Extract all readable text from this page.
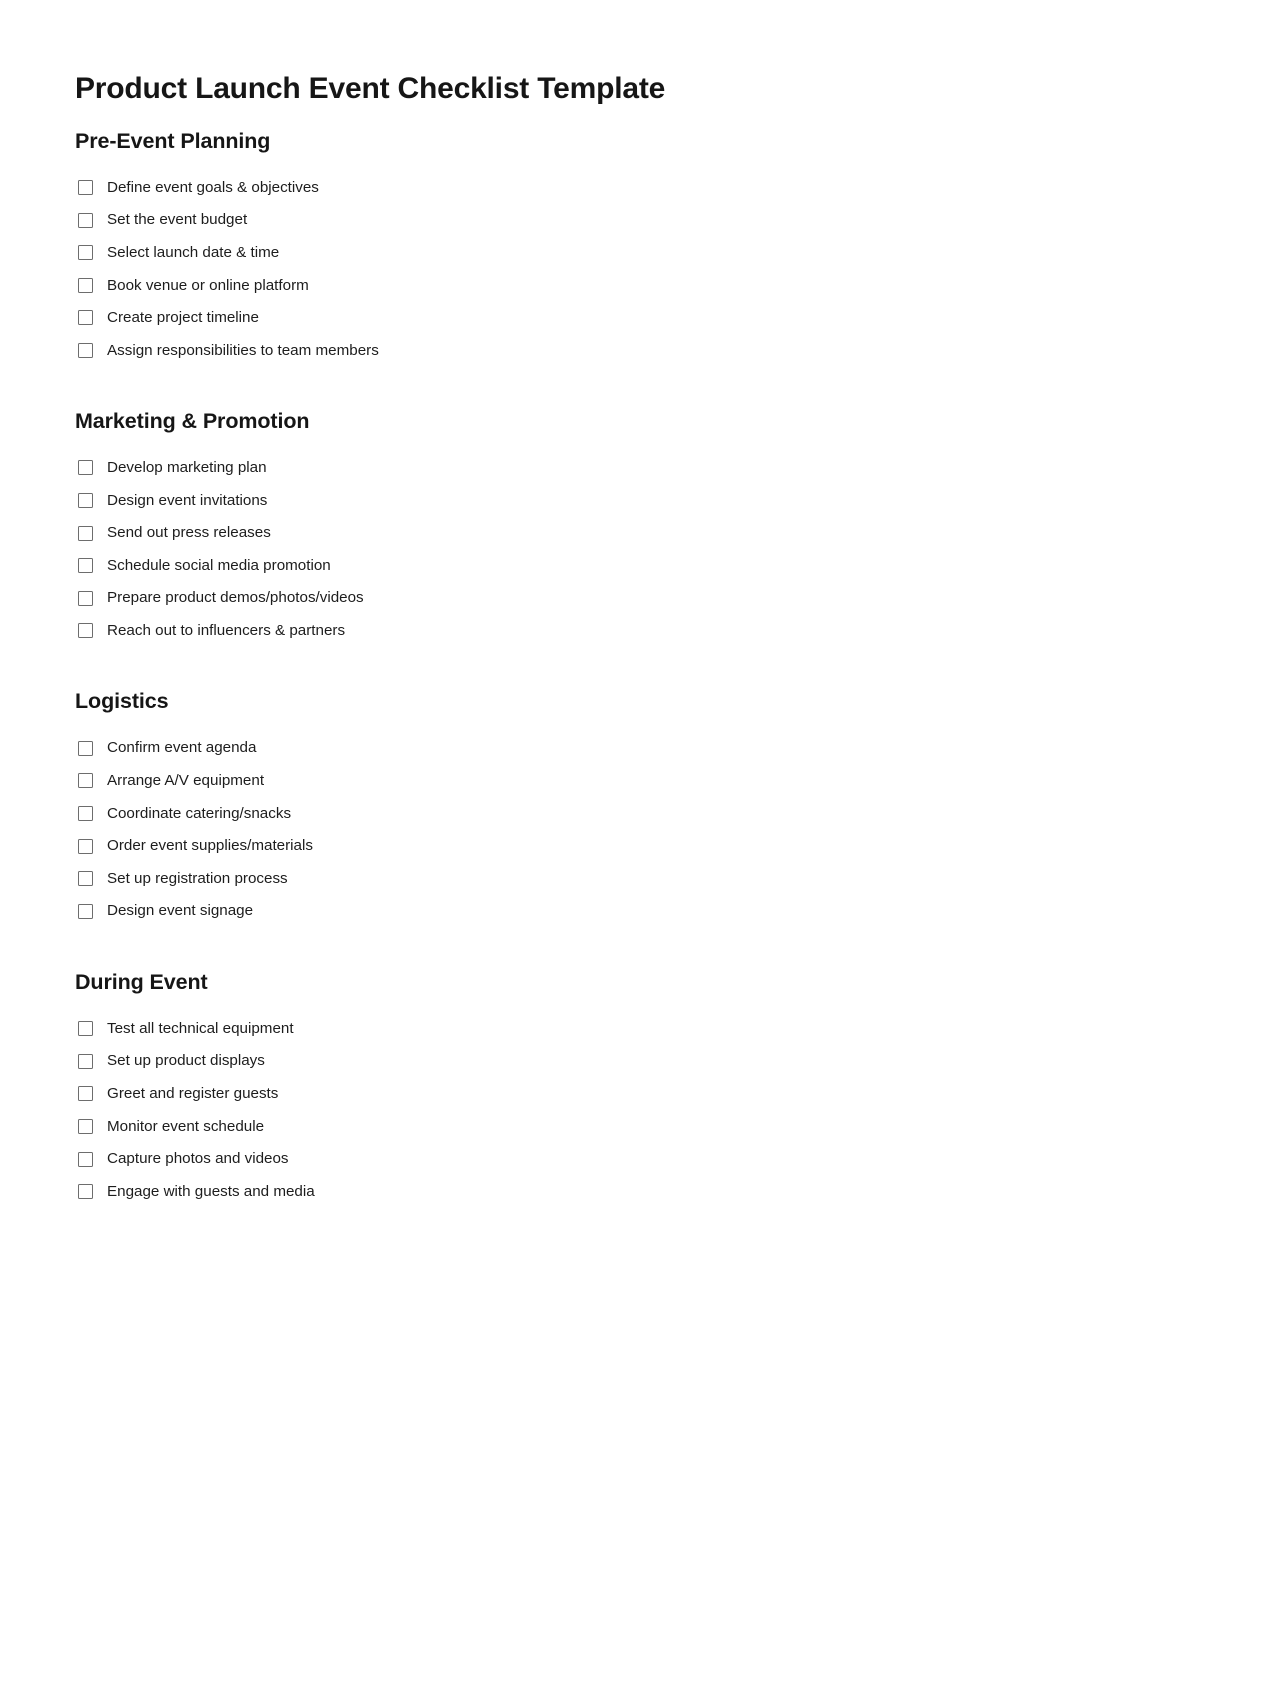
Product Launch Event Checklist Template
Pre-Event Planning
Define event goals & objectives
Set the event budget
Select launch date & time
Book venue or online platform
Create project timeline
Assign responsibilities to team members
Marketing & Promotion
Develop marketing plan
Design event invitations
Send out press releases
Schedule social media promotion
Prepare product demos/photos/videos
Reach out to influencers & partners
Logistics
Confirm event agenda
Arrange A/V equipment
Coordinate catering/snacks
Order event supplies/materials
Set up registration process
Design event signage
During Event
Test all technical equipment
Set up product displays
Greet and register guests
Monitor event schedule
Capture photos and videos
Engage with guests and media
